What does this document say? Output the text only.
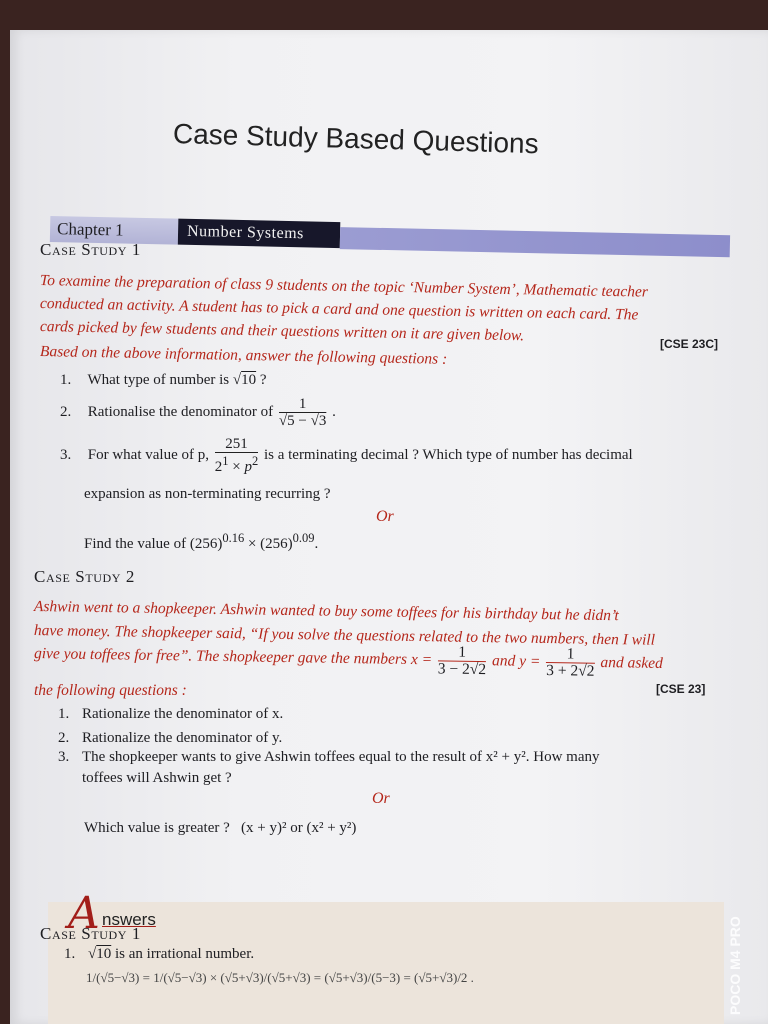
Case Study Based Questions
Chapter 1	Number Systems
Case Study 1
To examine the preparation of class 9 students on the topic ‘Number System’, Mathematic teacher
conducted an activity. A student has to pick a card and one question is written on each card. The
cards picked by few students and their questions written on it are given below.	[CSE 23C]
Based on the above information, answer the following questions :
1. What type of number is √10 ?
2. Rationalise the denominator of $\frac{1}{√5 - √3}$ .
3. For what value of p, $\frac{251}{2^1 \times p^2}$ is a terminating decimal ? Which type of number has decimal
expansion as non-terminating recurring ?
Or
Find the value of $(256)^{0.16} \times (256)^{0.09}$.
Case Study 2
Ashwin went to a shopkeeper. Ashwin wanted to buy some toffees for his birthday but he didn’t
have money. The shopkeeper said, “If you solve the questions related to the two numbers, then I will
give you toffees for free”. The shopkeeper gave the numbers $x = \frac{1}{3 - 2√2}$ and $y = \frac{1}{3 + 2√2}$ and asked
the following questions :	[CSE 23]
1. Rationalize the denominator of x.
2. Rationalize the denominator of y.
3. The shopkeeper wants to give Ashwin toffees equal to the result of x² + y². How many
toffees will Ashwin get ?
Or
Which value is greater ? (x + y)² or (x² + y²)
A nswers
Case Study 1
1. √10 is an irrational number.
1/(√5−√3) = 1/(√5−√3) × (√5+√3)/(√5+√3) = (√5+√3)/(5−3) = (√5+√3)/2 .	POCO M4 PRO
